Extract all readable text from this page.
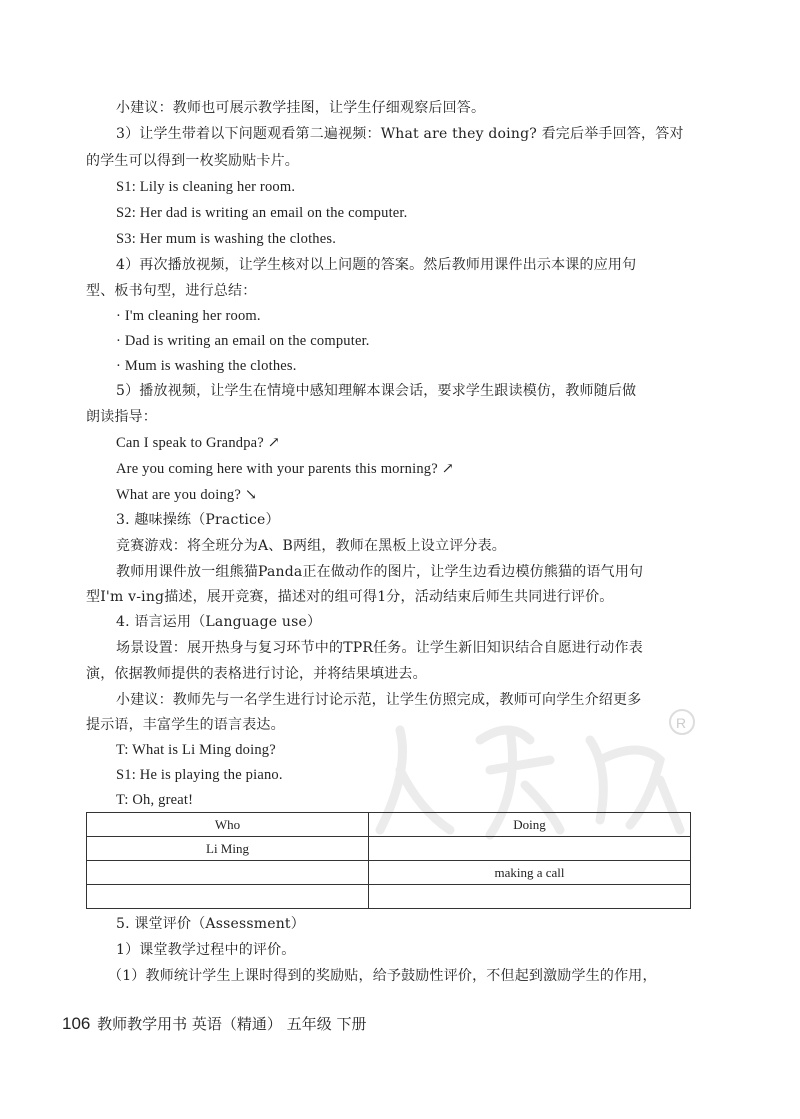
R
小建议：教师也可展示教学挂图，让学生仔细观察后回答。
3）让学生带着以下问题观看第二遍视频：What are they doing? 看完后举手回答，答对
的学生可以得到一枚奖励贴卡片。
S1: Lily is cleaning her room.
S2: Her dad is writing an email on the computer.
S3: Her mum is washing the clothes.
4）再次播放视频，让学生核对以上问题的答案。然后教师用课件出示本课的应用句
型、板书句型，进行总结：
· I'm cleaning her room.
· Dad is writing an email on the computer.
· Mum is washing the clothes.
5）播放视频，让学生在情境中感知理解本课会话，要求学生跟读模仿，教师随后做
朗读指导：
Can I speak to Grandpa? ↗
Are you coming here with your parents this morning? ↗
What are you doing? ↘
3. 趣味操练（Practice）
竞赛游戏：将全班分为A、B两组，教师在黑板上设立评分表。
教师用课件放一组熊猫Panda正在做动作的图片，让学生边看边模仿熊猫的语气用句
型I'm v-ing描述，展开竞赛，描述对的组可得1分，活动结束后师生共同进行评价。
4. 语言运用（Language use）
场景设置：展开热身与复习环节中的TPR任务。让学生新旧知识结合自愿进行动作表
演，依据教师提供的表格进行讨论，并将结果填进去。
小建议：教师先与一名学生进行讨论示范，让学生仿照完成，教师可向学生介绍更多
提示语，丰富学生的语言表达。
T: What is Li Ming doing?
S1: He is playing the piano.
T: Oh, great!
Who	Doing
Li Ming	
	making a call

5. 课堂评价（Assessment）
1）课堂教学过程中的评价。
（1）教师统计学生上课时得到的奖励贴，给予鼓励性评价，不但起到激励学生的作用，
106 教师教学用书 英语（精通） 五年级 下册
